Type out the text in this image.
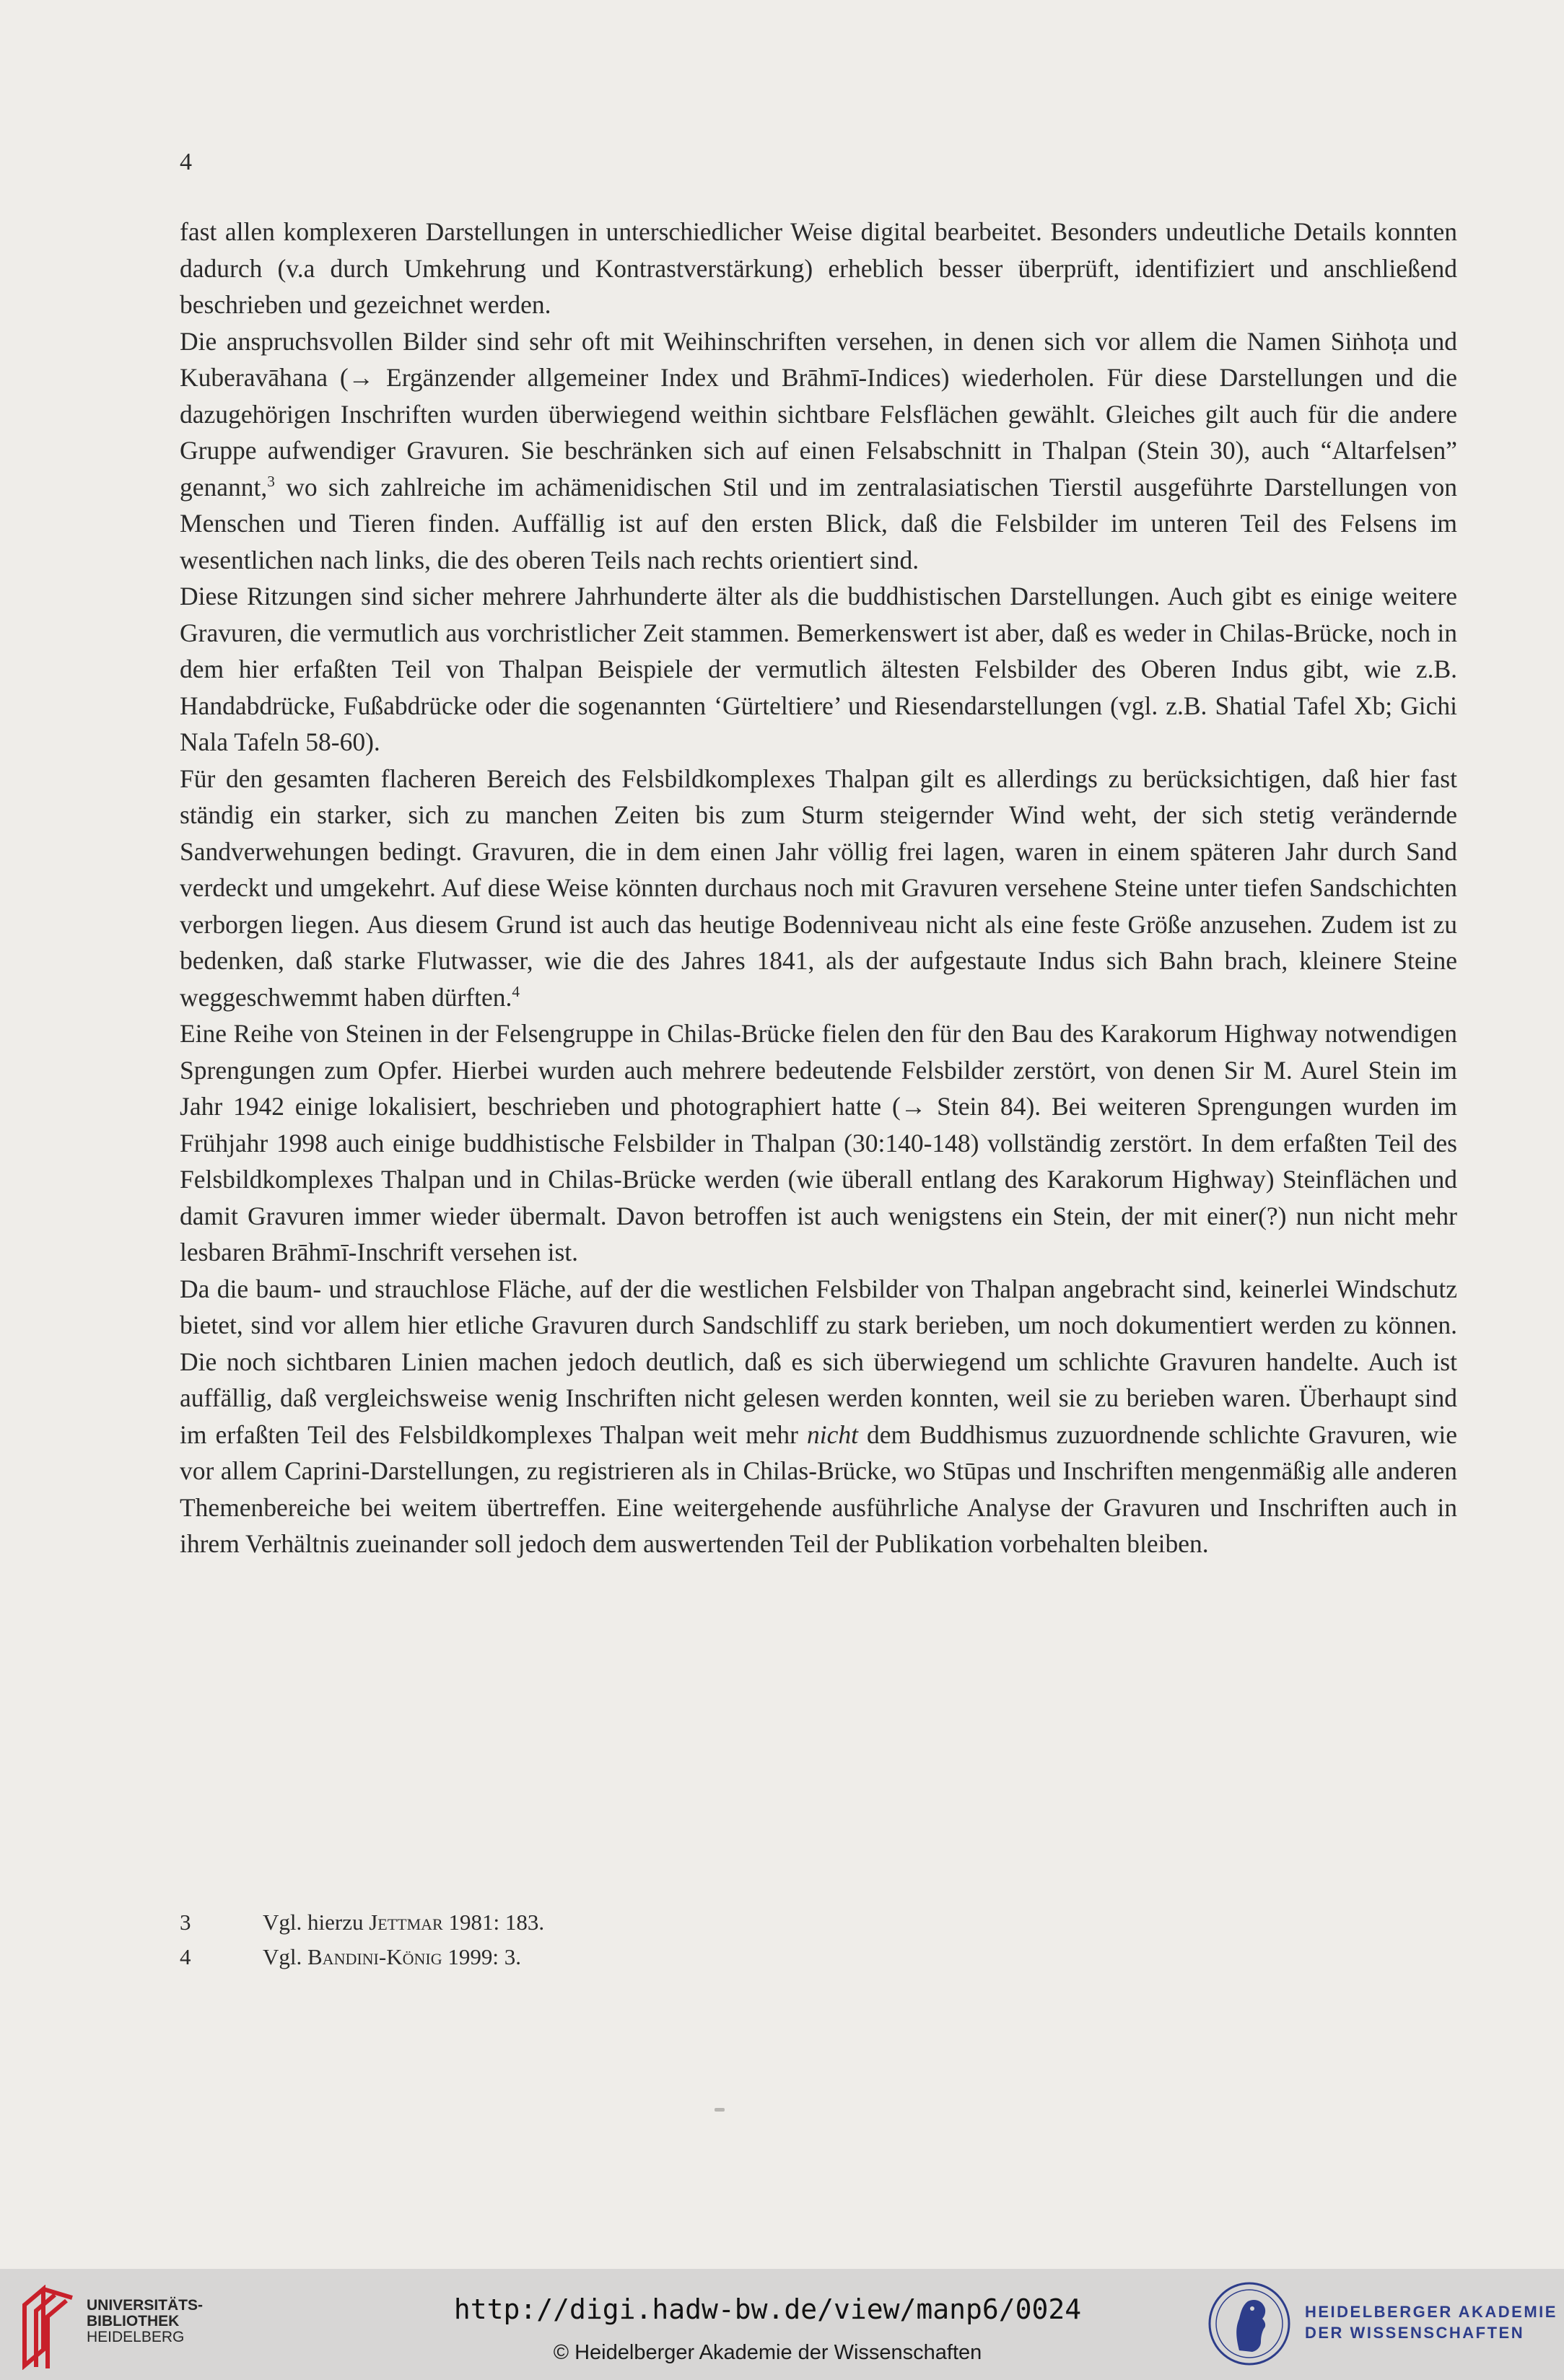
4

fast allen komplexeren Darstellungen in unterschiedlicher Weise digital bearbeitet. Besonders undeutliche Details konnten dadurch (v.a durch Umkehrung und Kontrastverstärkung) erheblich besser überprüft, identifiziert und anschließend beschrieben und gezeichnet werden.

Die anspruchsvollen Bilder sind sehr oft mit Weihinschriften versehen, in denen sich vor allem die Namen Siṅhoṭa und Kuberavāhana (→ Ergänzender allgemeiner Index und Brāhmī-Indices) wiederholen. Für diese Darstellungen und die dazugehörigen Inschriften wurden überwiegend weithin sichtbare Felsflächen gewählt. Gleiches gilt auch für die andere Gruppe aufwendiger Gravuren. Sie beschränken sich auf einen Felsabschnitt in Thalpan (Stein 30), auch “Altarfelsen” genannt,$^3$ wo sich zahlreiche im achämenidischen Stil und im zentralasiatischen Tierstil ausgeführte Darstellungen von Menschen und Tieren finden. Auffällig ist auf den ersten Blick, daß die Felsbilder im unteren Teil des Felsens im wesentlichen nach links, die des oberen Teils nach rechts orientiert sind.

Diese Ritzungen sind sicher mehrere Jahrhunderte älter als die buddhistischen Darstellungen. Auch gibt es einige weitere Gravuren, die vermutlich aus vorchristlicher Zeit stammen. Bemerkenswert ist aber, daß es weder in Chilas-Brücke, noch in dem hier erfaßten Teil von Thalpan Beispiele der vermutlich ältesten Felsbilder des Oberen Indus gibt, wie z.B. Handabdrücke, Fußabdrücke oder die sogenannten ‘Gürteltiere’ und Riesendarstellungen (vgl. z.B. Shatial Tafel Xb; Gichi Nala Tafeln 58-60).

Für den gesamten flacheren Bereich des Felsbildkomplexes Thalpan gilt es allerdings zu berücksichtigen, daß hier fast ständig ein starker, sich zu manchen Zeiten bis zum Sturm steigernder Wind weht, der sich stetig verändernde Sandverwehungen bedingt. Gravuren, die in dem einen Jahr völlig frei lagen, waren in einem späteren Jahr durch Sand verdeckt und umgekehrt. Auf diese Weise könnten durchaus noch mit Gravuren versehene Steine unter tiefen Sandschichten verborgen liegen. Aus diesem Grund ist auch das heutige Bodenniveau nicht als eine feste Größe anzusehen. Zudem ist zu bedenken, daß starke Flutwasser, wie die des Jahres 1841, als der aufgestaute Indus sich Bahn brach, kleinere Steine weggeschwemmt haben dürften.$^4$

Eine Reihe von Steinen in der Felsengruppe in Chilas-Brücke fielen den für den Bau des Karakorum Highway notwendigen Sprengungen zum Opfer. Hierbei wurden auch mehrere bedeutende Felsbilder zerstört, von denen Sir M. Aurel Stein im Jahr 1942 einige lokalisiert, beschrieben und photographiert hatte (→ Stein 84). Bei weiteren Sprengungen wurden im Frühjahr 1998 auch einige buddhistische Felsbilder in Thalpan (30:140-148) vollständig zerstört. In dem erfaßten Teil des Felsbildkomplexes Thalpan und in Chilas-Brücke werden (wie überall entlang des Karakorum Highway) Steinflächen und damit Gravuren immer wieder übermalt. Davon betroffen ist auch wenigstens ein Stein, der mit einer(?) nun nicht mehr lesbaren Brāhmī-Inschrift versehen ist.

Da die baum- und strauchlose Fläche, auf der die westlichen Felsbilder von Thalpan angebracht sind, keinerlei Windschutz bietet, sind vor allem hier etliche Gravuren durch Sandschliff zu stark berieben, um noch dokumentiert werden zu können. Die noch sichtbaren Linien machen jedoch deutlich, daß es sich überwiegend um schlichte Gravuren handelte. Auch ist auffällig, daß vergleichsweise wenig Inschriften nicht gelesen werden konnten, weil sie zu berieben waren. Überhaupt sind im erfaßten Teil des Felsbildkomplexes Thalpan weit mehr nicht dem Buddhismus zuzuordnende schlichte Gravuren, wie vor allem Caprini-Darstellungen, zu registrieren als in Chilas-Brücke, wo Stūpas und Inschriften mengenmäßig alle anderen Themenbereiche bei weitem übertreffen. Eine weitergehende ausführliche Analyse der Gravuren und Inschriften auch in ihrem Verhältnis zueinander soll jedoch dem auswertenden Teil der Publikation vorbehalten bleiben.

3	Vgl. hierzu Jettmar 1981: 183.
4	Vgl. Bandini-König 1999: 3.
UNIVERSITÄTS-
BIBLIOTHEK
HEIDELBERG
http://digi.hadw-bw.de/view/manp6/0024
© Heidelberger Akademie der Wissenschaften
HEIDELBERGER AKADEMIE
DER WISSENSCHAFTEN
